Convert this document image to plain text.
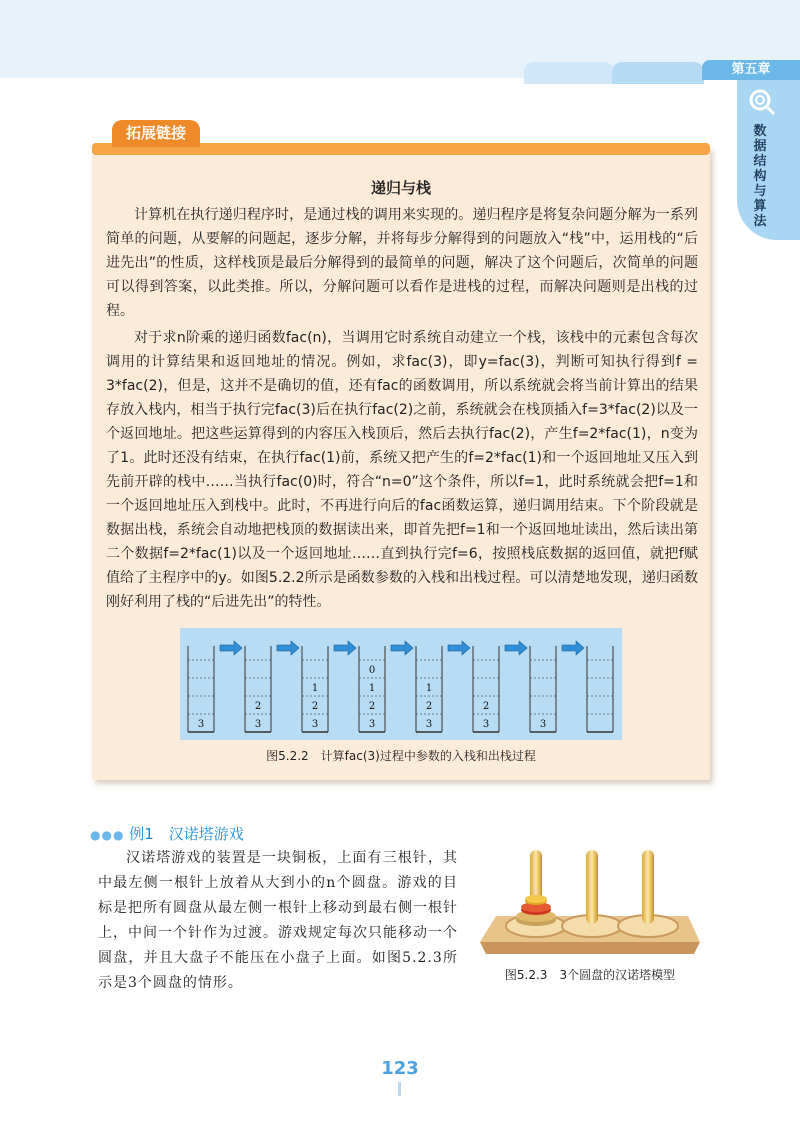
第五章
数据结构与算法
拓展链接
递归与栈

计算机在执行递归程序时，是通过栈的调用来实现的。递归程序是将复杂问题分解为一系列简单的问题，从要解的问题起，逐步分解，并将每步分解得到的问题放入“栈”中，运用栈的“后进先出”的性质，这样栈顶是最后分解得到的最简单的问题，解决了这个问题后，次简单的问题可以得到答案，以此类推。所以，分解问题可以看作是进栈的过程，而解决问题则是出栈的过程。

对于求n阶乘的递归函数fac(n)，当调用它时系统自动建立一个栈，该栈中的元素包含每次调用的计算结果和返回地址的情况。例如，求fac(3)，即y=fac(3)，判断可知执行得到f = 3*fac(2)，但是，这并不是确切的值，还有fac的函数调用，所以系统就会将当前计算出的结果存放入栈内，相当于执行完fac(3)后在执行fac(2)之前，系统就会在栈顶插入f=3*fac(2)以及一个返回地址。把这些运算得到的内容压入栈顶后，然后去执行fac(2)，产生f=2*fac(1)，n变为了1。此时还没有结束，在执行fac(1)前，系统又把产生的f=2*fac(1)和一个返回地址又压入到先前开辟的栈中……当执行fac(0)时，符合“n=0”这个条件，所以f=1，此时系统就会把f=1和一个返回地址压入到栈中。此时，不再进行向后的fac函数运算，递归调用结束。下个阶段就是数据出栈，系统会自动地把栈顶的数据读出来，即首先把f=1和一个返回地址读出，然后读出第二个数据f=2*fac(1)以及一个返回地址……直到执行完f=6，按照栈底数据的返回值，就把f赋值给了主程序中的y。如图5.2.2所示是函数参数的入栈和出栈过程。可以清楚地发现，递归函数刚好利用了栈的“后进先出”的特性。

3	3
2
3
2
1
3
2
1
0
3
2
1
3
2
3
图5.2.2　计算fac(3)过程中参数的入栈和出栈过程
●●● 例1　汉诺塔游戏

汉诺塔游戏的装置是一块铜板，上面有三根针，其中最左侧一根针上放着从大到小的n个圆盘。游戏的目标是把所有圆盘从最左侧一根针上移动到最右侧一根针上，中间一个针作为过渡。游戏规定每次只能移动一个圆盘，并且大盘子不能压在小盘子上面。如图5.2.3所示是3个圆盘的情形。	图5.2.3　3个圆盘的汉诺塔模型
123
